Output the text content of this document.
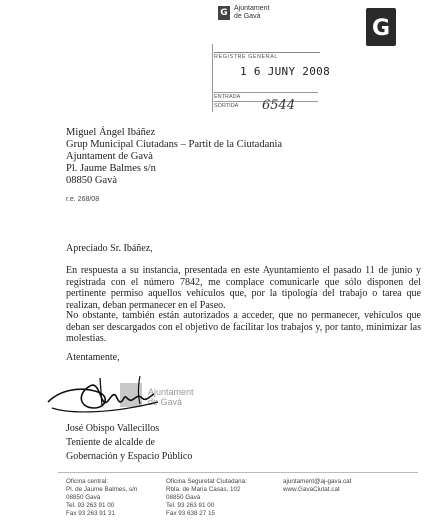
G
G Ajuntament
de Gavà
REGISTRE GENERAL
1 6 JUNY 2008
ENTRADA
SORTIDA	6544
Miguel Ángel Ibáñez
Grup Municipal Ciutadans – Partit de la Ciutadania
Ajuntament de Gavà
Pl. Jaume Balmes s/n
08850 Gavà
r.e. 268/08
Apreciado Sr. Ibáñez,
En respuesta a su instancia, presentada en este Ayuntamiento el pasado 11 de junio y registrada con el número 7842, me complace comunicarle que sólo disponen del pertinente permiso aquellos vehículos que, por la tipología del trabajo o tarea que realizan, deban permanecer en el Paseo.
No obstante, también están autorizados a acceder, que no permanecer, vehículos que deban ser descargados con el objetivo de facilitar los trabajos y, por tanto, minimizar las molestias.
Atentamente,
Ajuntament
de Gavà
José Obispo Vallecillos
Teniente de alcalde de
Gobernación y Espacio Público
Oficina central:
Pl. de Jaume Balmes, s/n
08850 Gavà
Tel. 93 263 91 00
Fax 93 263 91 31
Oficina Seguretat Ciutadana:
Rbla. de Maria Casas, 102
08850 Gavà
Tel. 93 263 91 00
Fax 93 638 27 15
ajuntament@aj-gava.cat
www.GavaCiutat.cat
